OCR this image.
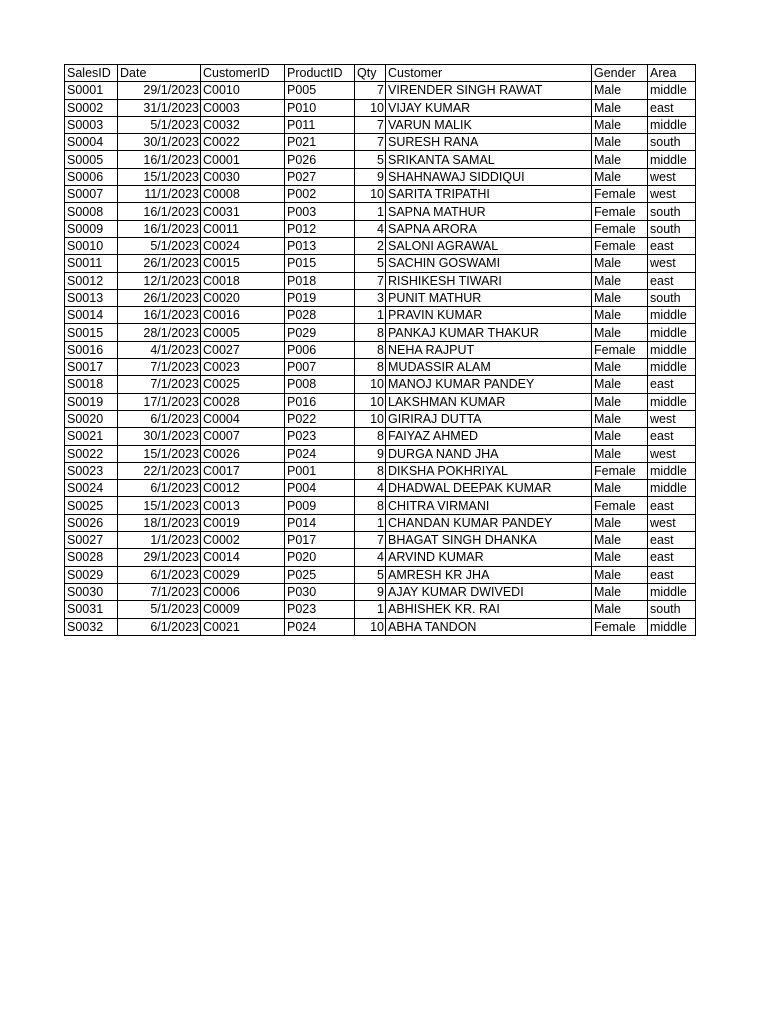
SalesID	Date	CustomerID	ProductID	Qty	Customer	Gender	Area
S0001	29/1/2023	C0010	P005	7	VIRENDER SINGH RAWAT	Male	middle
S0002	31/1/2023	C0003	P010	10	VIJAY KUMAR	Male	east
S0003	5/1/2023	C0032	P011	7	VARUN MALIK	Male	middle
S0004	30/1/2023	C0022	P021	7	SURESH RANA	Male	south
S0005	16/1/2023	C0001	P026	5	SRIKANTA SAMAL	Male	middle
S0006	15/1/2023	C0030	P027	9	SHAHNAWAJ SIDDIQUI	Male	west
S0007	11/1/2023	C0008	P002	10	SARITA TRIPATHI	Female	west
S0008	16/1/2023	C0031	P003	1	SAPNA MATHUR	Female	south
S0009	16/1/2023	C0011	P012	4	SAPNA ARORA	Female	south
S0010	5/1/2023	C0024	P013	2	SALONI AGRAWAL	Female	east
S0011	26/1/2023	C0015	P015	5	SACHIN GOSWAMI	Male	west
S0012	12/1/2023	C0018	P018	7	RISHIKESH TIWARI	Male	east
S0013	26/1/2023	C0020	P019	3	PUNIT MATHUR	Male	south
S0014	16/1/2023	C0016	P028	1	PRAVIN KUMAR	Male	middle
S0015	28/1/2023	C0005	P029	8	PANKAJ KUMAR THAKUR	Male	middle
S0016	4/1/2023	C0027	P006	8	NEHA RAJPUT	Female	middle
S0017	7/1/2023	C0023	P007	8	MUDASSIR ALAM	Male	middle
S0018	7/1/2023	C0025	P008	10	MANOJ KUMAR PANDEY	Male	east
S0019	17/1/2023	C0028	P016	10	LAKSHMAN KUMAR	Male	middle
S0020	6/1/2023	C0004	P022	10	GIRIRAJ DUTTA	Male	west
S0021	30/1/2023	C0007	P023	8	FAIYAZ AHMED	Male	east
S0022	15/1/2023	C0026	P024	9	DURGA NAND JHA	Male	west
S0023	22/1/2023	C0017	P001	8	DIKSHA POKHRIYAL	Female	middle
S0024	6/1/2023	C0012	P004	4	DHADWAL DEEPAK KUMAR	Male	middle
S0025	15/1/2023	C0013	P009	8	CHITRA VIRMANI	Female	east
S0026	18/1/2023	C0019	P014	1	CHANDAN KUMAR PANDEY	Male	west
S0027	1/1/2023	C0002	P017	7	BHAGAT SINGH DHANKA	Male	east
S0028	29/1/2023	C0014	P020	4	ARVIND KUMAR	Male	east
S0029	6/1/2023	C0029	P025	5	AMRESH KR JHA	Male	east
S0030	7/1/2023	C0006	P030	9	AJAY KUMAR DWIVEDI	Male	middle
S0031	5/1/2023	C0009	P023	1	ABHISHEK KR. RAI	Male	south
S0032	6/1/2023	C0021	P024	10	ABHA TANDON	Female	middle
